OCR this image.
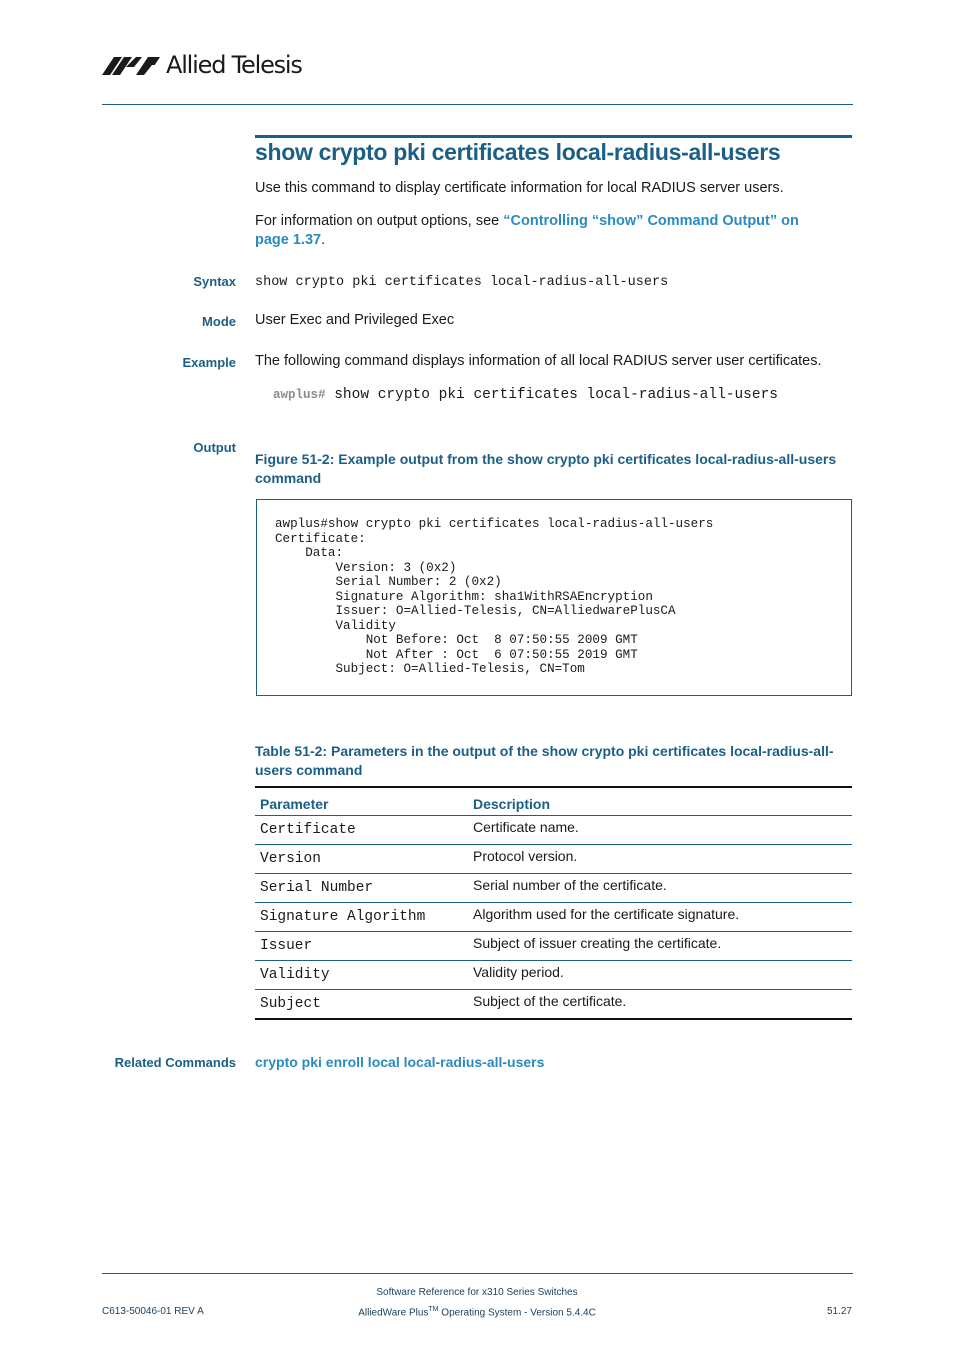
Allied Telesis
show crypto pki certificates local-radius-all-users
Use this command to display certificate information for local RADIUS server users.
For information on output options, see “Controlling “show” Command Output” on page 1.37.
Syntax show crypto pki certificates local-radius-all-users
Mode User Exec and Privileged Exec
Example The following command displays information of all local RADIUS server user certificates.
awplus# show crypto pki certificates local-radius-all-users
Output
Figure 51-2: Example output from the show crypto pki certificates local-radius-all-users command
awplus#show crypto pki certificates local-radius-all-users
Certificate:
Data:
Version: 3 (0x2)
Serial Number: 2 (0x2)
Signature Algorithm: sha1WithRSAEncryption
Issuer: O=Allied-Telesis, CN=AlliedwarePlusCA
Validity
Not Before: Oct  8 07:50:55 2009 GMT
Not After : Oct  6 07:50:55 2019 GMT
Subject: O=Allied-Telesis, CN=Tom
Table 51-2: Parameters in the output of the show crypto pki certificates local-radius-all-users command
Parameter	Description
Certificate	Certificate name.
Version	Protocol version.
Serial Number	Serial number of the certificate.
Signature Algorithm	Algorithm used for the certificate signature.
Issuer	Subject of issuer creating the certificate.
Validity	Validity period.
Subject	Subject of the certificate.
Related Commands crypto pki enroll local local-radius-all-users
Software Reference for x310 Series Switches
C613-50046-01 REV A	AlliedWare Plus™ Operating System - Version 5.4.4C	51.27
